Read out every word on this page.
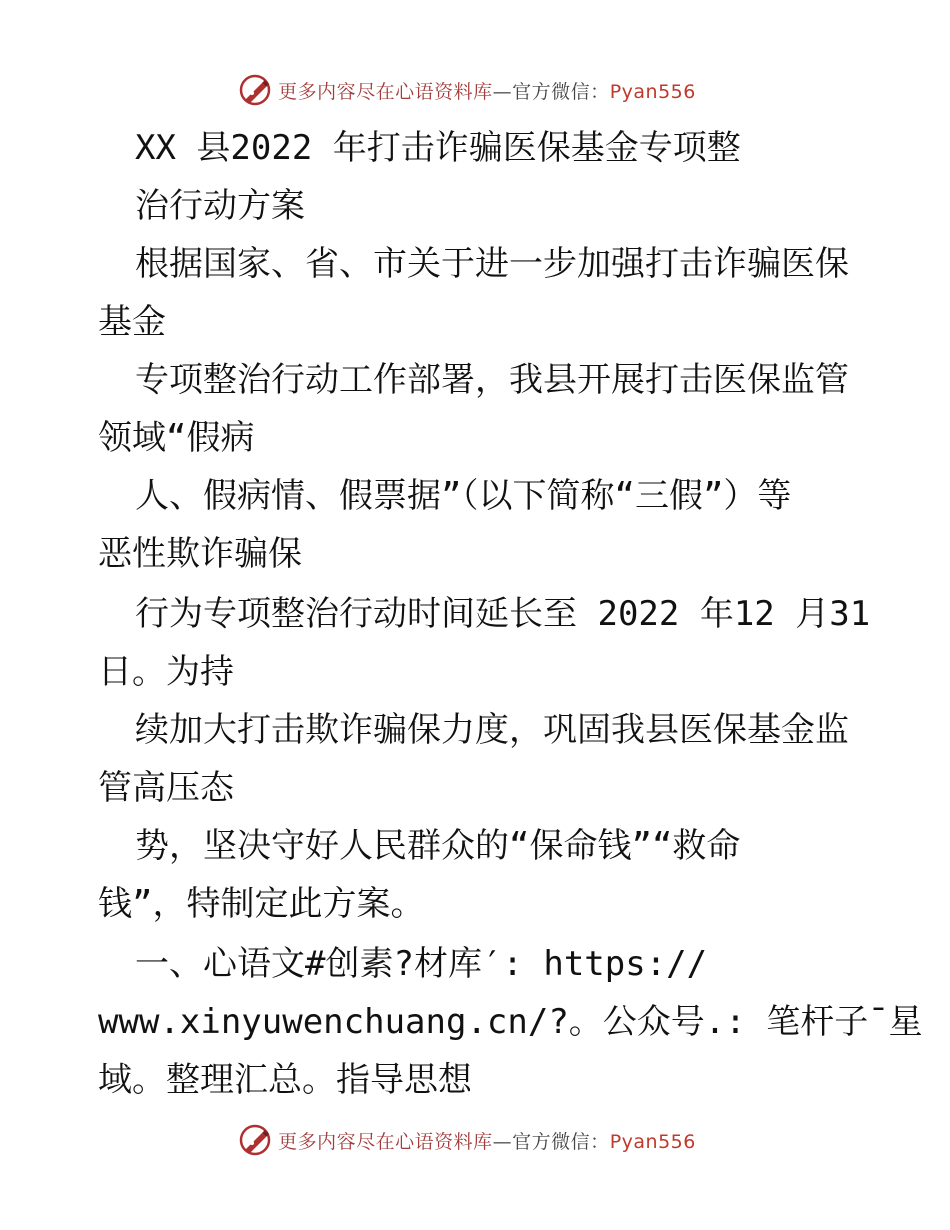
更多内容尽在心语资料库—官方微信：Pyan556
XX 县2022 年打击诈骗医保基金专项整
治行动方案
根据国家、省、市关于进一步加强打击诈骗医保
基金
专项整治行动工作部署，我县开展打击医保监管
领域“假病
人、假病情、假票据”（以下简称“三假”）等
恶性欺诈骗保
行为专项整治行动时间延长至 2022 年12 月31
日。为持
续加大打击欺诈骗保力度，巩固我县医保基金监
管高压态
势，坚决守好人民群众的“保命钱”“救命
钱”，特制定此方案。
一、心语文#创素?材库′: https://
www.xinyuwenchuang.cn/?。公众号.: 笔杆子¯星
域。整理汇总。指导思想
更多内容尽在心语资料库—官方微信：Pyan556
